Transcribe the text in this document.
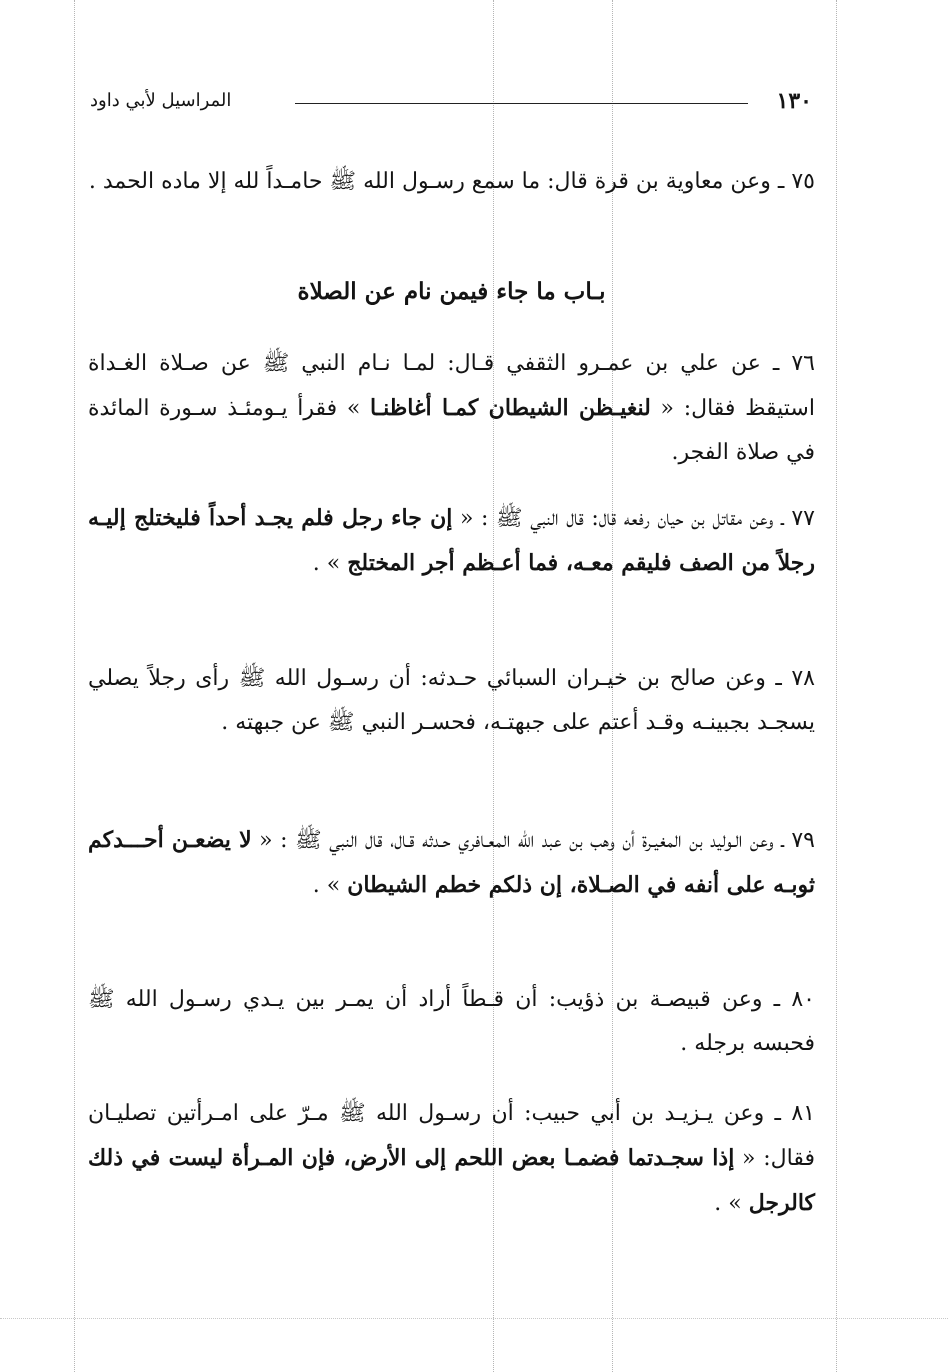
١٣٠
المراسيل لأبي داود

٧٥ ـ وعن معاوية بن قرة قال: ما سمع رسـول الله ﷺ حامـداً لله إلا ماده الحمد .

بـاب ما جاء فيمن نام عن الصلاة

٧٦ ـ عن علي بن عمـرو الثقفي قـال: لمـا نـام النبي ﷺ عن صـلاة الغـداة استيقظ فقال: « لنغيـظن الشيطان كمـا أغاظنـا » فقرأ يـومئـذ سـورة المائدة في صلاة الفجر.

٧٧ ـ وعن مقاتل بن حيان رفعه قال: قال النبي ﷺ : « إن جاء رجل فلم يجـد أحداً فليختلج إليـه رجلاً من الصف فليقم معـه، فما أعـظم أجر المختلج » .

٧٨ ـ وعن صالح بن خيـران السبائي حـدثه: أن رسـول الله ﷺ رأى رجلاً يصلي يسجـد بجبينـه وقـد أعتم على جبهتـه، فحسـر النبي ﷺ عن جبهته .

٧٩ ـ وعن الـوليد بن المغيـرة أن وهب بن عبد الله المعـافري حـدثه قـال، قال النبي ﷺ : « لا يضعـن أحـــدكم ثوبـه على أنفه في الصـلاة، إن ذلكم خطم الشيطان » .

٨٠ ـ وعن قبيصـة بن ذؤيب: أن قـطاً أراد أن يمـر بين يـدي رسـول الله ﷺ فحبسه برجله .

٨١ ـ وعن يـزيـد بن أبي حبيب: أن رسـول الله ﷺ مـرّ على امـرأتين تصليـان فقال: « إذا سجـدتما فضمـا بعض اللحم إلى الأرض، فإن المـرأة ليست في ذلك كالرجل » .
